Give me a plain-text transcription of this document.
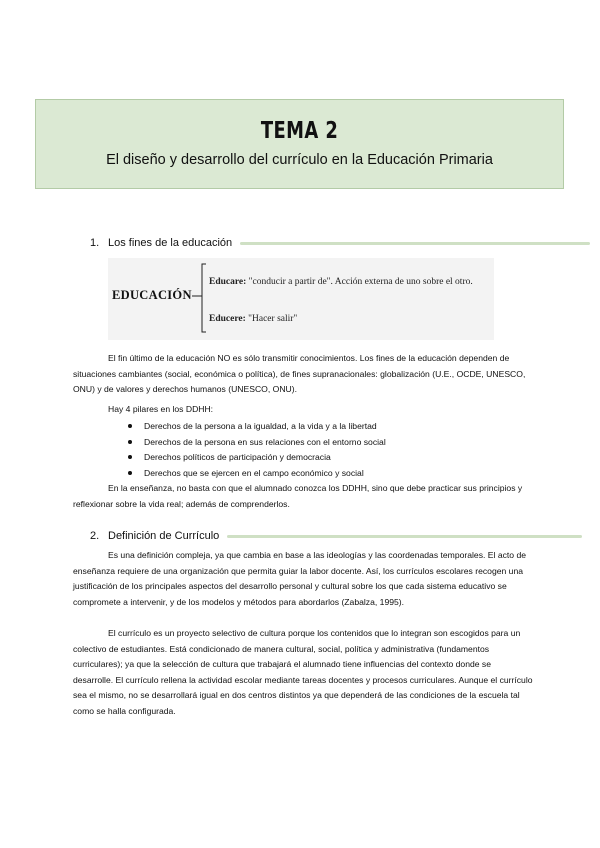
TEMA 2
El diseño y desarrollo del currículo en la Educación Primaria
1. Los fines de la educación
EDUCACIÓN
Educare: "conducir a partir de". Acción externa de uno sobre el otro.
Educere: "Hacer salir"

El fin último de la educación NO es sólo transmitir conocimientos. Los fines de la educación dependen de situaciones cambiantes (social, económica o política), de fines supranacionales: globalización (U.E., OCDE, UNESCO, ONU) y de valores y derechos humanos (UNESCO, ONU).

Hay 4 pilares en los DDHH:
Derechos de la persona a la igualdad, a la vida y a la libertad
Derechos de la persona en sus relaciones con el entorno social
Derechos políticos de participación y democracia
Derechos que se ejercen en el campo económico y social

En la enseñanza, no basta con que el alumnado conozca los DDHH, sino que debe practicar sus principios y reflexionar sobre la vida real; además de comprenderlos.

2. Definición de Currículo

Es una definición compleja, ya que cambia en base a las ideologías y las coordenadas temporales. El acto de enseñanza requiere de una organización que permita guiar la labor docente. Así, los currículos escolares recogen una justificación de los principales aspectos del desarrollo personal y cultural sobre los que cada sistema educativo se compromete a intervenir, y de los modelos y métodos para abordarlos (Zabalza, 1995).

El currículo es un proyecto selectivo de cultura porque los contenidos que lo integran son escogidos para un colectivo de estudiantes. Está condicionado de manera cultural, social, política y administrativa (fundamentos curriculares); ya que la selección de cultura que trabajará el alumnado tiene influencias del contexto donde se desarrolle. El currículo rellena la actividad escolar mediante tareas docentes y procesos curriculares. Aunque el currículo sea el mismo, no se desarrollará igual en dos centros distintos ya que dependerá de las condiciones de la escuela tal como se halla configurada.
